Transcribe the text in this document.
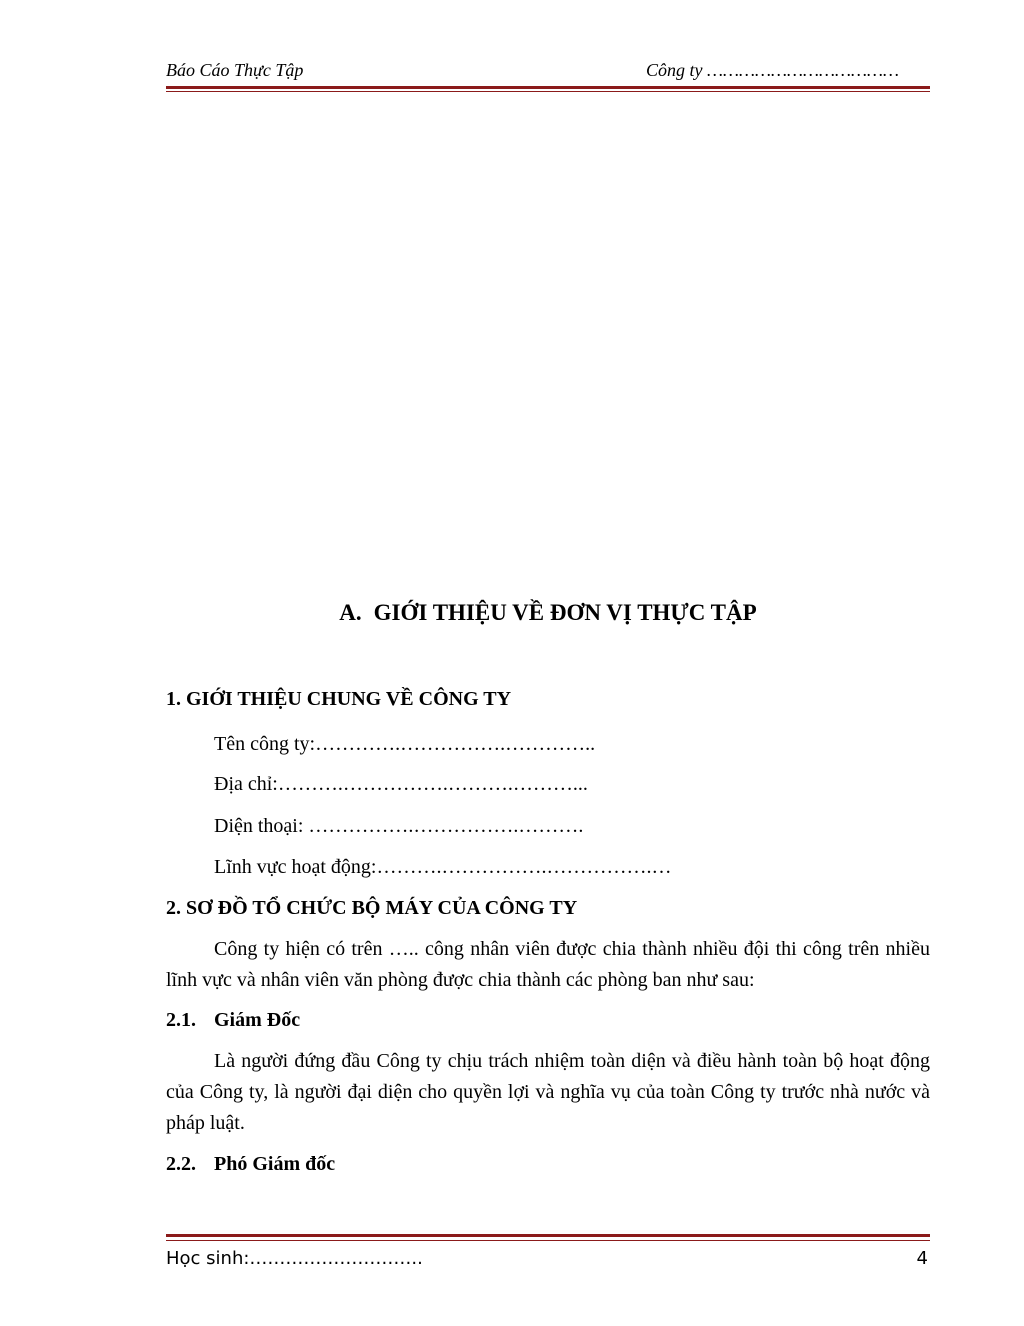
Báo Cáo Thực Tập	Công ty ………………………………
A. GIỚI THIỆU VỀ ĐƠN VỊ THỰC TẬP
1. GIỚI THIỆU CHUNG VỀ CÔNG TY
Tên công ty:………….…………….…………..
Địa chỉ:……….…………….……….………...
Diện thoại: …………….…………….……….
Lĩnh vực hoạt động:……….…………….…………….…
2. SƠ ĐỒ TỔ CHỨC BỘ MÁY CỦA CÔNG TY
Công ty hiện có trên ….. công nhân viên được chia thành nhiều đội thi công trên nhiều lĩnh vực và nhân viên văn phòng được chia thành các phòng ban như sau:
2.1. Giám Đốc
Là người đứng đầu Công ty chịu trách nhiệm toàn diện và điều hành toàn bộ hoạt động của Công ty, là người đại diện cho quyền lợi và nghĩa vụ của toàn Công ty trước nhà nước và pháp luật.
2.2. Phó Giám đốc
Học sinh:………………………..	4
